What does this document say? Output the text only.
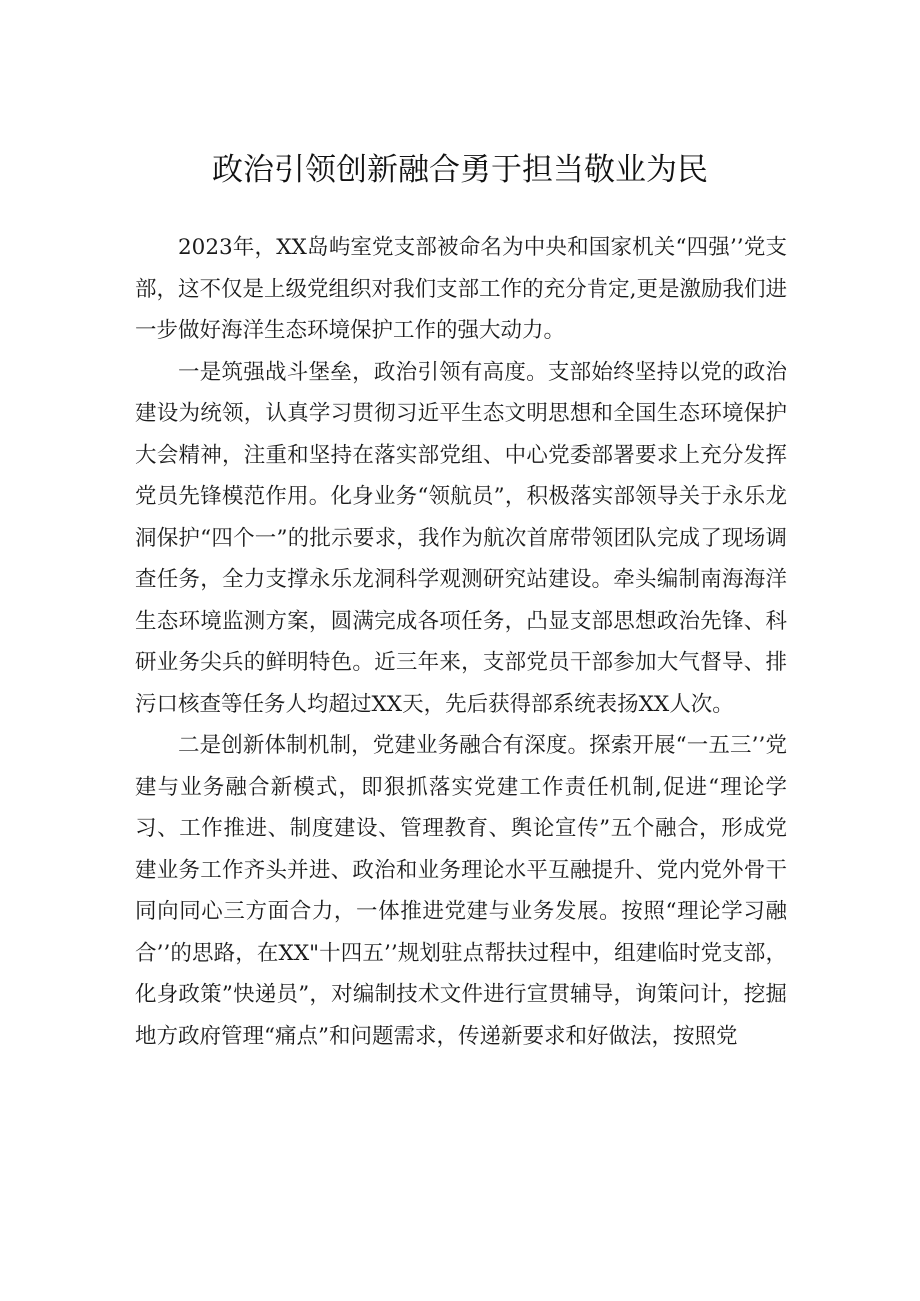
政治引领创新融合勇于担当敬业为民

2023年，XX岛屿室党支部被命名为中央和国家机关“四强’’党支部，这不仅是上级党组织对我们支部工作的充分肯定,更是激励我们进一步做好海洋生态环境保护工作的强大动力。

一是筑强战斗堡垒，政治引领有高度。支部始终坚持以党的政治建设为统领，认真学习贯彻习近平生态文明思想和全国生态环境保护大会精神，注重和坚持在落实部党组、中心党委部署要求上充分发挥党员先锋模范作用。化身业务“领航员”，积极落实部领导关于永乐龙洞保护“四个一”的批示要求，我作为航次首席带领团队完成了现场调查任务，全力支撑永乐龙洞科学观测研究站建设。牵头编制南海海洋生态环境监测方案，圆满完成各项任务，凸显支部思想政治先锋、科研业务尖兵的鲜明特色。近三年来，支部党员干部参加大气督导、排污口核查等任务人均超过XX天，先后获得部系统表扬XX人次。

二是创新体制机制，党建业务融合有深度。探索开展“一五三’’党建与业务融合新模式，即狠抓落实党建工作责任机制,促进“理论学习、工作推进、制度建设、管理教育、舆论宣传”五个融合，形成党建业务工作齐头并进、政治和业务理论水平互融提升、党内党外骨干同向同心三方面合力，一体推进党建与业务发展。按照“理论学习融合’’的思路，在XX"十四五’’规划驻点帮扶过程中，组建临时党支部，化身政策”快递员”，对编制技术文件进行宣贯辅导，询策问计，挖掘地方政府管理“痛点”和问题需求，传递新要求和好做法，按照党
